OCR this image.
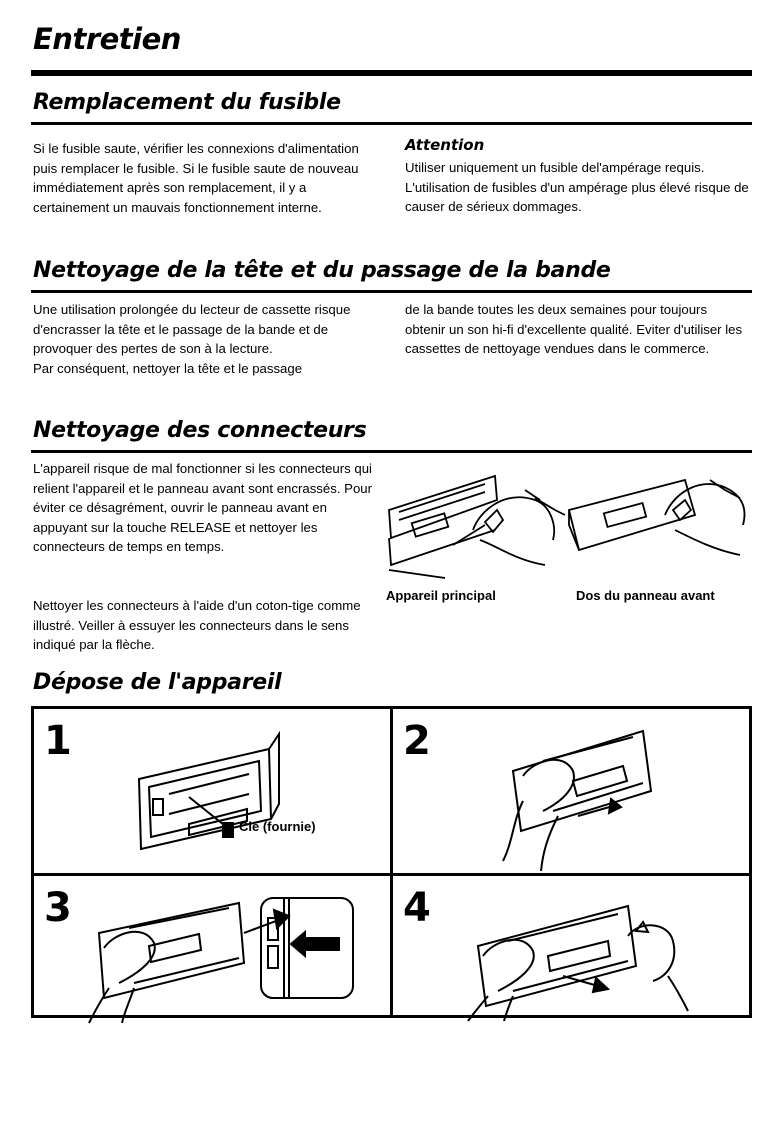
Entretien
Remplacement du fusible

Si le fusible saute, vérifier les connexions d'alimentation puis remplacer le fusible. Si le fusible saute de nouveau immédiatement après son remplacement, il y a certainement un mauvais fonctionnement interne.

Attention

Utiliser uniquement un fusible del'ampérage requis. L'utilisation de fusibles d'un ampérage plus élevé risque de causer de sérieux dommages.

Nettoyage de la tête et du passage de la bande

Une utilisation prolongée du lecteur de cassette risque d'encrasser la tête et le passage de la bande et de provoquer des pertes de son à la lecture.

Par conséquent, nettoyer la tête et le passage

de la bande toutes les deux semaines pour toujours obtenir un son hi-fi d'excellente qualité. Eviter d'utiliser les cassettes de nettoyage vendues dans le commerce.

Nettoyage des connecteurs

L'appareil risque de mal fonctionner si les connecteurs qui relient l'appareil et le panneau avant sont encrassés. Pour éviter ce désagrément, ouvrir le panneau avant en appuyant sur la touche RELEASE et nettoyer les connecteurs de temps en temps.

Nettoyer les connecteurs à l'aide d'un coton-tige comme illustré. Veiller à essuyer les connecteurs dans le sens indiqué par la flèche.

Appareil principal	Dos du panneau avant
Dépose de l'appareil
1
Clé (fournie)
2
3	4
